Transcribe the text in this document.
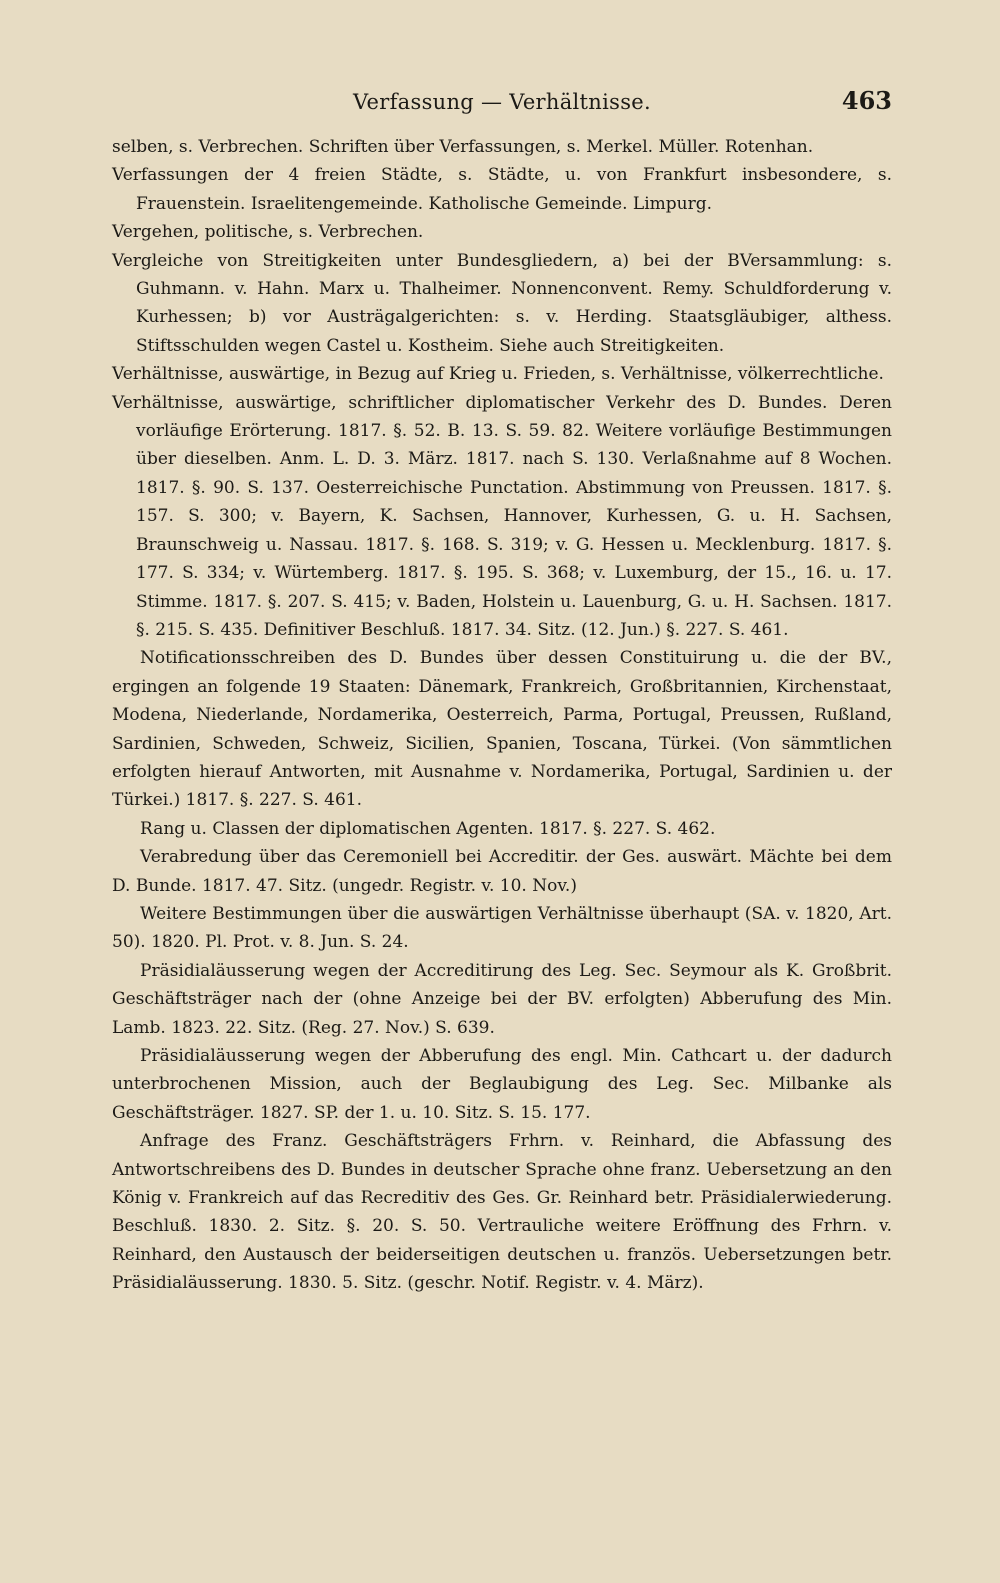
Verfassung — Verhältnisse.	463

selben, s. Verbrechen. Schriften über Verfassungen, s. Merkel. Müller. Rotenhan.

Verfassungen der 4 freien Städte, s. Städte, u. von Frankfurt insbesondere, s. Frauenstein. Israelitengemeinde. Katholische Gemeinde. Limpurg.

Vergehen, politische, s. Verbrechen.

Vergleiche von Streitigkeiten unter Bundesgliedern, a) bei der BVersammlung: s. Guhmann. v. Hahn. Marx u. Thalheimer. Nonnenconvent. Remy. Schuldforderung v. Kurhessen; b) vor Austrägalgerichten: s. v. Herding. Staatsgläubiger, althess. Stiftsschulden wegen Castel u. Kostheim. Siehe auch Streitigkeiten.

Verhältnisse, auswärtige, in Bezug auf Krieg u. Frieden, s. Verhältnisse, völkerrechtliche.

Verhältnisse, auswärtige, schriftlicher diplomatischer Verkehr des D. Bundes. Deren vorläufige Erörterung. 1817. §. 52. B. 13. S. 59. 82. Weitere vorläufige Bestimmungen über dieselben. Anm. L. D. 3. März. 1817. nach S. 130. Verlaßnahme auf 8 Wochen. 1817. §. 90. S. 137. Oesterreichische Punctation. Abstimmung von Preussen. 1817. §. 157. S. 300; v. Bayern, K. Sachsen, Hannover, Kurhessen, G. u. H. Sachsen, Braunschweig u. Nassau. 1817. §. 168. S. 319; v. G. Hessen u. Mecklenburg. 1817. §. 177. S. 334; v. Würtemberg. 1817. §. 195. S. 368; v. Luxemburg, der 15., 16. u. 17. Stimme. 1817. §. 207. S. 415; v. Baden, Holstein u. Lauenburg, G. u. H. Sachsen. 1817. §. 215. S. 435. Definitiver Beschluß. 1817. 34. Sitz. (12. Jun.) §. 227. S. 461.

Notificationsschreiben des D. Bundes über dessen Constituirung u. die der BV., ergingen an folgende 19 Staaten: Dänemark, Frankreich, Großbritannien, Kirchenstaat, Modena, Niederlande, Nordamerika, Oesterreich, Parma, Portugal, Preussen, Rußland, Sardinien, Schweden, Schweiz, Sicilien, Spanien, Toscana, Türkei. (Von sämmtlichen erfolgten hierauf Antworten, mit Ausnahme v. Nordamerika, Portugal, Sardinien u. der Türkei.) 1817. §. 227. S. 461.

Rang u. Classen der diplomatischen Agenten. 1817. §. 227. S. 462.

Verabredung über das Ceremoniell bei Accreditir. der Ges. auswärt. Mächte bei dem D. Bunde. 1817. 47. Sitz. (ungedr. Registr. v. 10. Nov.)

Weitere Bestimmungen über die auswärtigen Verhältnisse überhaupt (SA. v. 1820, Art. 50). 1820. Pl. Prot. v. 8. Jun. S. 24.

Präsidialäusserung wegen der Accreditirung des Leg. Sec. Seymour als K. Großbrit. Geschäftsträger nach der (ohne Anzeige bei der BV. erfolgten) Abberufung des Min. Lamb. 1823. 22. Sitz. (Reg. 27. Nov.) S. 639.

Präsidialäusserung wegen der Abberufung des engl. Min. Cathcart u. der dadurch unterbrochenen Mission, auch der Beglaubigung des Leg. Sec. Milbanke als Geschäftsträger. 1827. SP. der 1. u. 10. Sitz. S. 15. 177.

Anfrage des Franz. Geschäftsträgers Frhrn. v. Reinhard, die Abfassung des Antwortschreibens des D. Bundes in deutscher Sprache ohne franz. Uebersetzung an den König v. Frankreich auf das Recreditiv des Ges. Gr. Reinhard betr. Präsidialerwiederung. Beschluß. 1830. 2. Sitz. §. 20. S. 50. Vertrauliche weitere Eröffnung des Frhrn. v. Reinhard, den Austausch der beiderseitigen deutschen u. französ. Uebersetzungen betr. Präsidialäusserung. 1830. 5. Sitz. (geschr. Notif. Registr. v. 4. März).
